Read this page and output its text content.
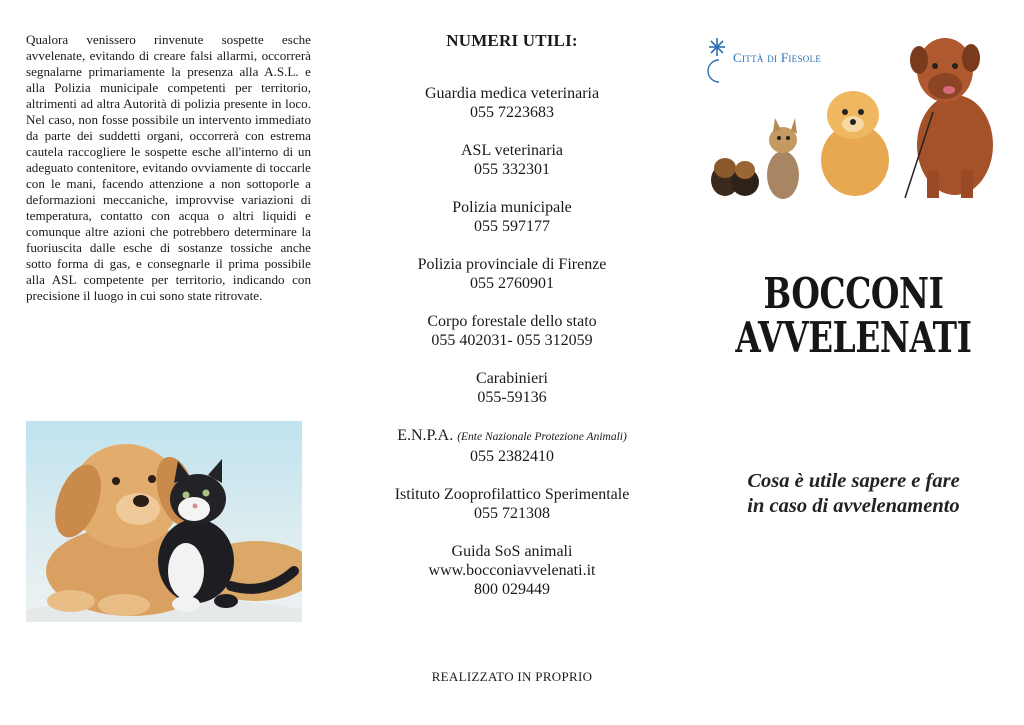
Qualora venissero rinvenute sospette esche avvelenate, evitando di creare falsi allarmi, occorrerà segnalarne primariamente la presenza alla A.S.L. e alla Polizia municipale competenti per territorio, altrimenti ad altra Autorità di polizia presente in loco. Nel caso, non fosse possibile un intervento immediato da parte dei suddetti organi, occorrerà con estrema cautela raccogliere le sospette esche all'interno di un adeguato contenitore, evitando ovviamente di toccarle con le mani, facendo attenzione a non sottoporle a deformazioni meccaniche, improvvise variazioni di temperatura, contatto con acqua o altri liquidi e comunque altre azioni che potrebbero determinare la fuoriuscita dalle esche di sostanze tossiche anche sotto forma di gas, e consegnarle il prima possibile alla ASL competente per territorio, indicando con precisione il luogo in cui sono state ritrovate.

NUMERI UTILI:
Guardia medica veterinaria
055 7223683
ASL veterinaria
055 332301
Polizia municipale
055 597177
Polizia provinciale di Firenze
055 2760901
Corpo forestale dello stato
055 402031- 055 312059
Carabinieri
055-59136
E.N.P.A. (Ente Nazionale Protezione Animali)
055 2382410
Istituto Zooprofilattico Sperimentale
055 721308
Guida SoS animali
www.bocconiavvelenati.it
800 029449
REALIZZATO IN PROPRIO
Città di Fiesole
BOCCONI
AVVELENATI
Cosa è utile sapere e fare
in caso di avvelenamento
